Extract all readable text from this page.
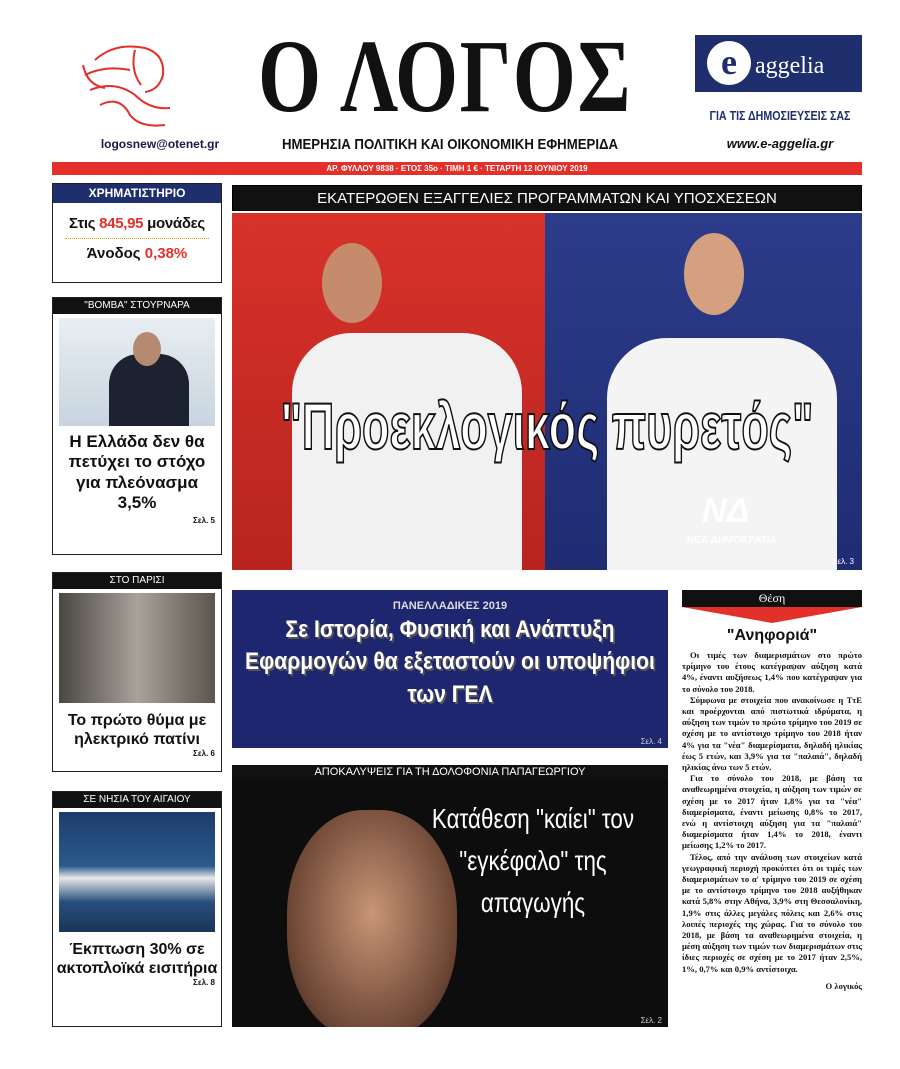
logosnew@otenet.gr
Ο ΛΟΓΟΣ
ΗΜΕΡΗΣΙΑ ΠΟΛΙΤΙΚΗ ΚΑΙ ΟΙΚΟΝΟΜΙΚΗ ΕΦΗΜΕΡΙΔΑ
e aggelia
ΓΙΑ ΤΙΣ ΔΗΜΟΣΙΕΥΣΕΙΣ ΣΑΣ
www.e-aggelia.gr
ΑΡ. ΦΥΛΛΟΥ 9838 · ΕΤΟΣ 35ο · ΤΙΜΗ 1 € · ΤΕΤΑΡΤΗ 12 ΙΟΥΝΙΟΥ 2019
ΧΡΗΜΑΤΙΣΤΗΡΙΟ
Στις 845,95 μονάδες
Άνοδος 0,38%
"ΒΟΜΒΑ" ΣΤΟΥΡΝΑΡΑ
Η Ελλάδα δεν θα πετύχει το στόχο για πλεόνασμα 3,5%
Σελ. 5
ΣΤΟ ΠΑΡΙΣΙ
Το πρώτο θύμα με ηλεκτρικό πατίνι
Σελ. 6
ΣΕ ΝΗΣΙΑ ΤΟΥ ΑΙΓΑΙΟΥ
Έκπτωση 30% σε ακτοπλοϊκά εισιτήρια
Σελ. 8
ΕΚΑΤΕΡΩΘΕΝ ΕΞΑΓΓΕΛΙΕΣ ΠΡΟΓΡΑΜΜΑΤΩΝ ΚΑΙ ΥΠΟΣΧΕΣΕΩΝ
"Προεκλογικός πυρετός"
ΝΔ
ΝΕΑ ΔΗΜΟΚΡΑΤΙΑ
Σελ. 3
ΠΑΝΕΛΛΑΔΙΚΕΣ 2019
Σε Ιστορία, Φυσική και Ανάπτυξη Εφαρμογών θα εξεταστούν οι υποψήφιοι των ΓΕΛ
Σελ. 4
ΑΠΟΚΑΛΥΨΕΙΣ ΓΙΑ ΤΗ ΔΟΛΟΦΟΝΙΑ ΠΑΠΑΓΕΩΡΓΙΟΥ
Κατάθεση "καίει" τον "εγκέφαλο" της απαγωγής
Σελ. 2
Θέση
"Ανηφοριά"

Οι τιμές των διαμερισμάτων στο πρώτο τρίμηνο του έτους κατέγραψαν αύξηση κατά 4%, έναντι αυξήσεως 1,4% που κατέγραψαν για το σύνολο του 2018.

Σύμφωνα με στοιχεία που ανακοίνωσε η ΤτΕ και προέρχονται από πιστωτικά ιδρύματα, η αύξηση των τιμών το πρώτο τρίμηνο του 2019 σε σχέση με το αντίστοιχο τρίμηνο του 2018 ήταν 4% για τα "νέα" διαμερίσματα, δηλαδή ηλικίας έως 5 ετών, και 3,9% για τα "παλαιά", δηλαδή ηλικίας άνω των 5 ετών.

Για το σύνολο του 2018, με βάση τα αναθεωρημένα στοιχεία, η αύξηση των τιμών σε σχέση με το 2017 ήταν 1,8% για τα "νέα" διαμερίσματα, έναντι μείωσης 0,8% το 2017, ενώ η αντίστοιχη αύξηση για τα "παλαιά" διαμερίσματα ήταν 1,4% το 2018, έναντι μείωσης 1,2% το 2017.

Τέλος, από την ανάλυση των στοιχείων κατά γεωγραφική περιοχή προκύπτει ότι οι τιμές των διαμερισμάτων το α' τρίμηνο του 2019 σε σχέση με το αντίστοιχο τρίμηνο του 2018 αυξήθηκαν κατά 5,8% στην Αθήνα, 3,9% στη Θεσσαλονίκη, 1,9% στις άλλες μεγάλες πόλεις και 2,6% στις λοιπές περιοχές της χώρας. Για το σύνολο του 2018, με βάση τα αναθεωρημένα στοιχεία, η μέση αύξηση των τιμών των διαμερισμάτων στις ίδιες περιοχές σε σχέση με το 2017 ήταν 2,5%, 1%, 0,7% και 0,9% αντίστοιχα.

Ο λογικός
